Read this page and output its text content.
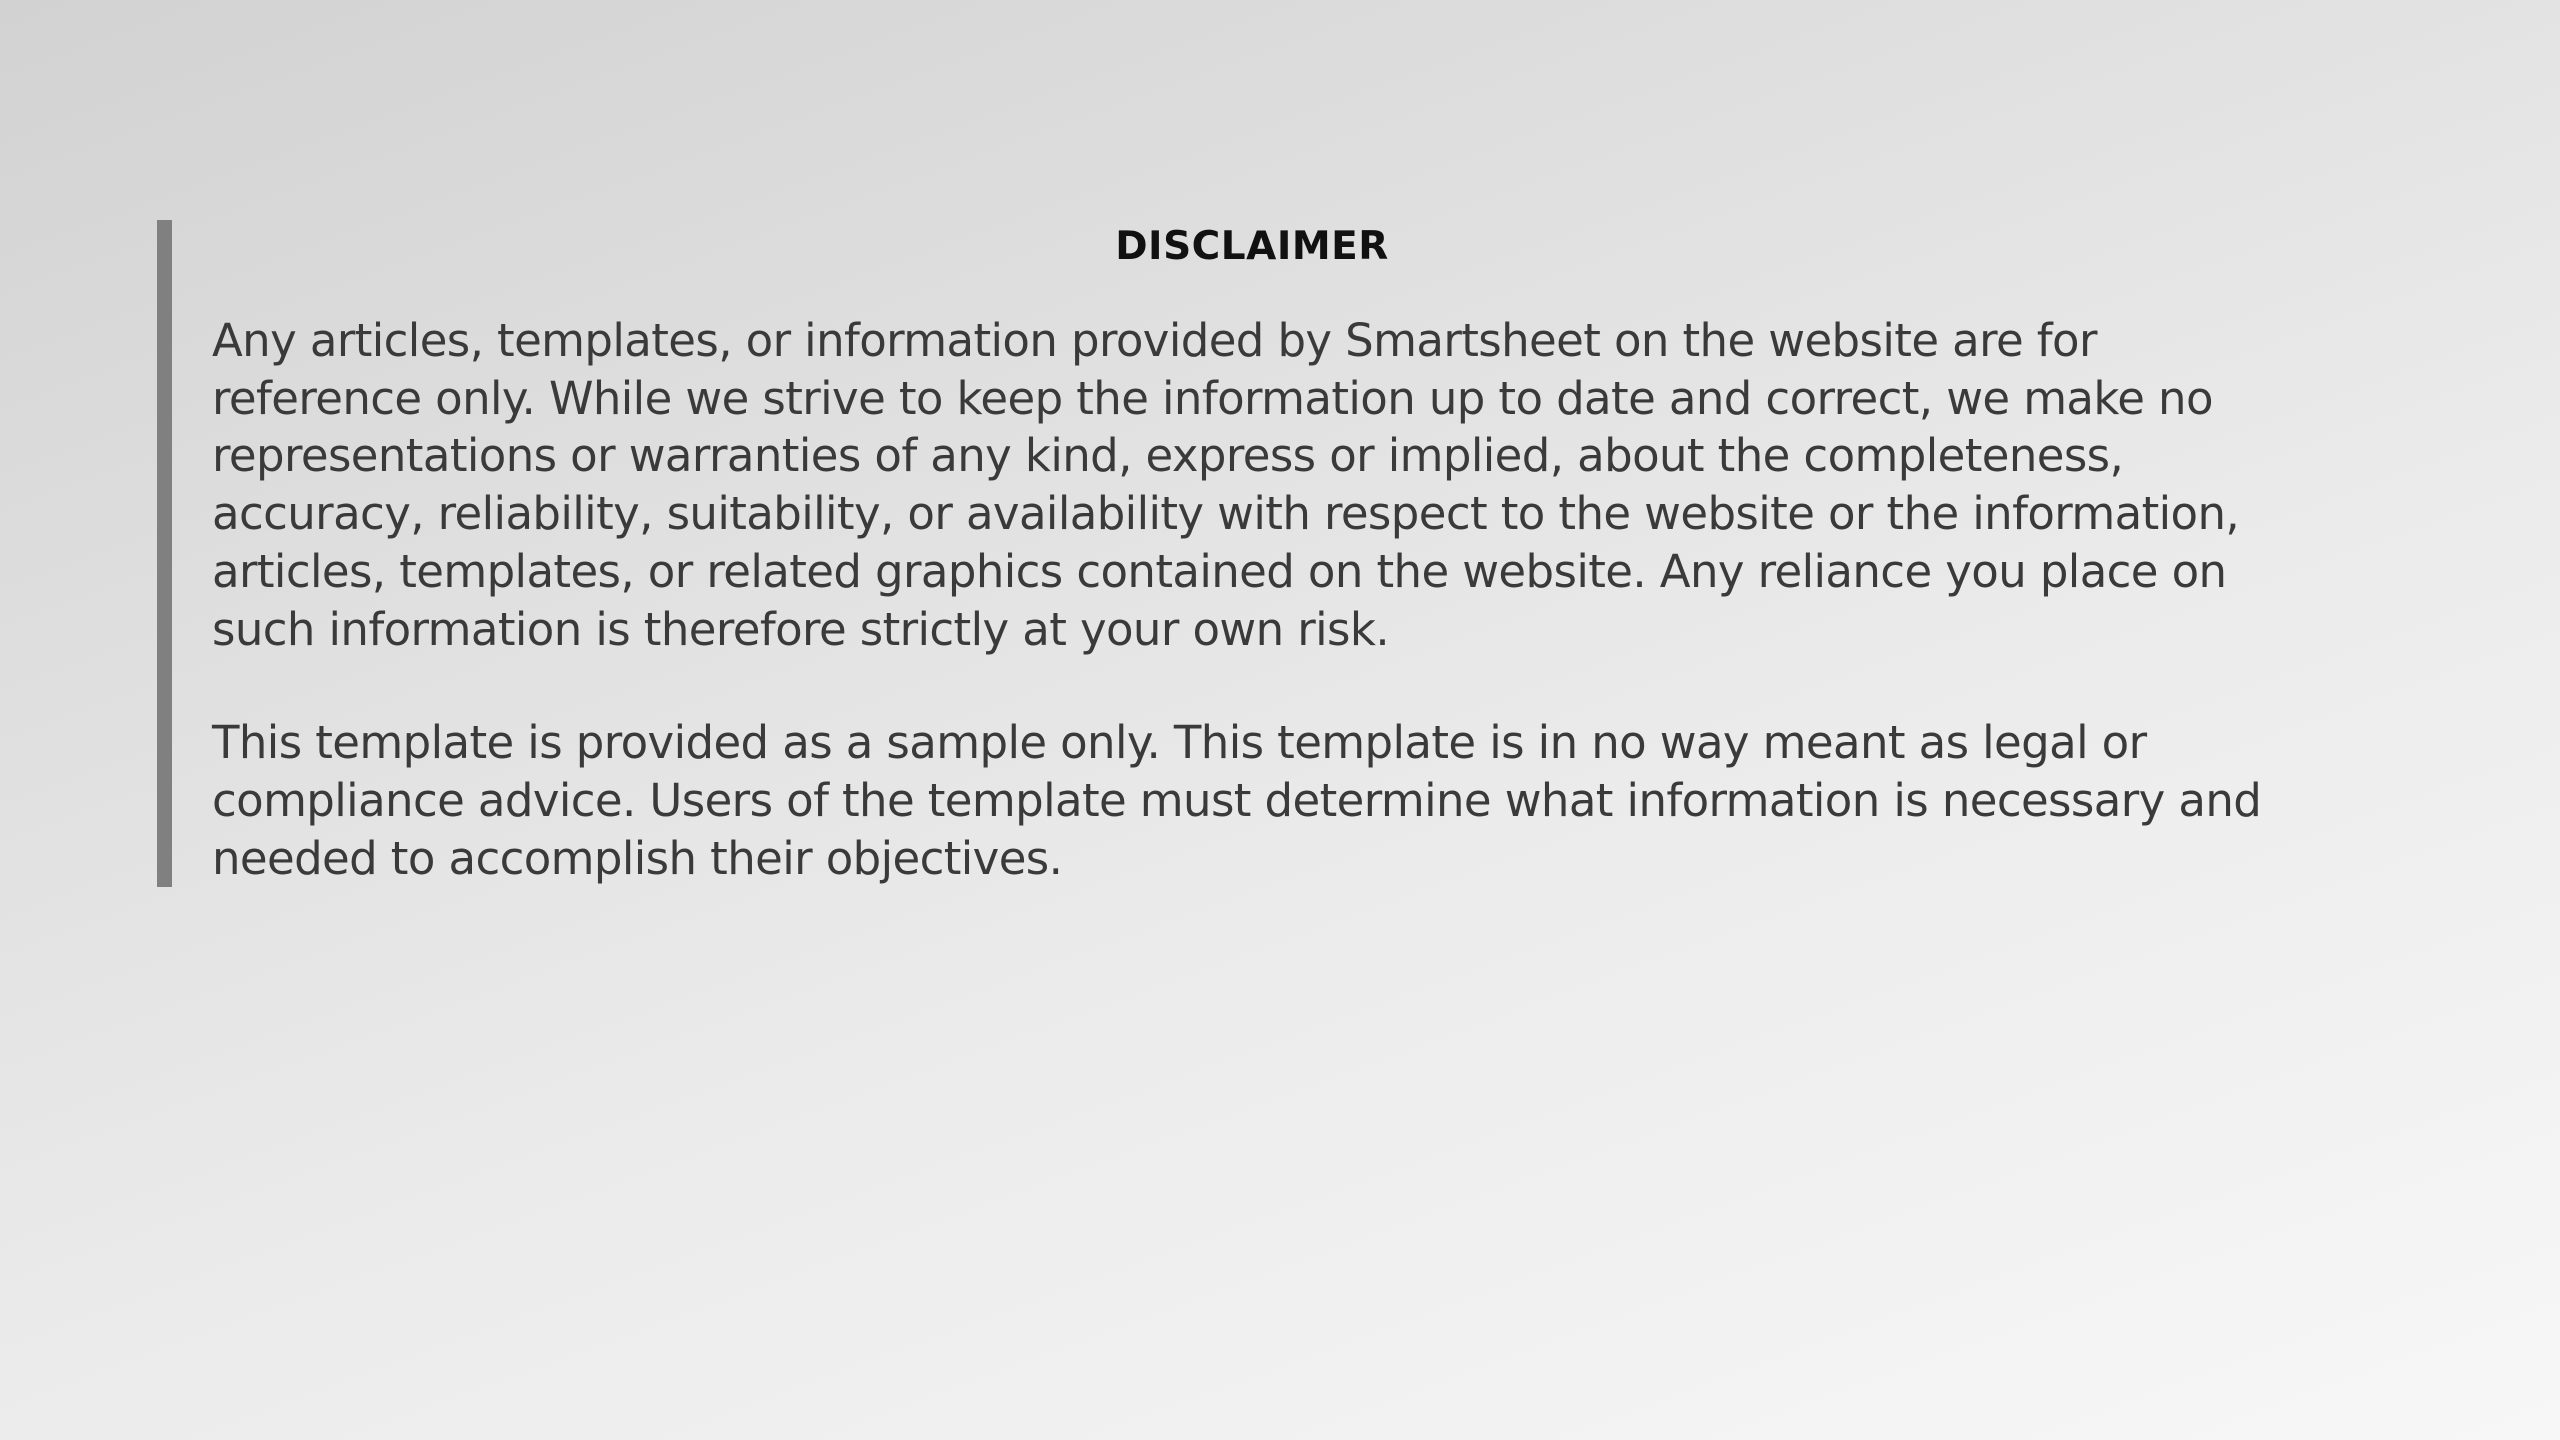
DISCLAIMER

Any articles, templates, or information provided by Smartsheet on the website are for reference only. While we strive to keep the information up to date and correct, we make no representations or warranties of any kind, express or implied, about the completeness, accuracy, reliability, suitability, or availability with respect to the website or the information, articles, templates, or related graphics contained on the website. Any reliance you place on such information is therefore strictly at your own risk.

This template is provided as a sample only. This template is in no way meant as legal or compliance advice. Users of the template must determine what information is necessary and needed to accomplish their objectives.
